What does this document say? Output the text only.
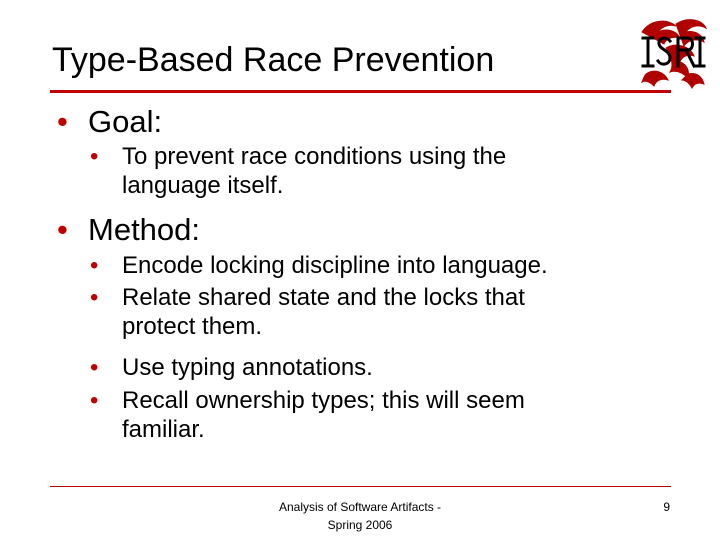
Type-Based Race Prevention
• Goal:
• To prevent race conditions using the
language itself.
• Method:
• Encode locking discipline into language.
• Relate shared state and the locks that
protect them.
• Use typing annotations.
• Recall ownership types; this will seem
familiar.
Analysis of Software Artifacts -
Spring 2006
9
